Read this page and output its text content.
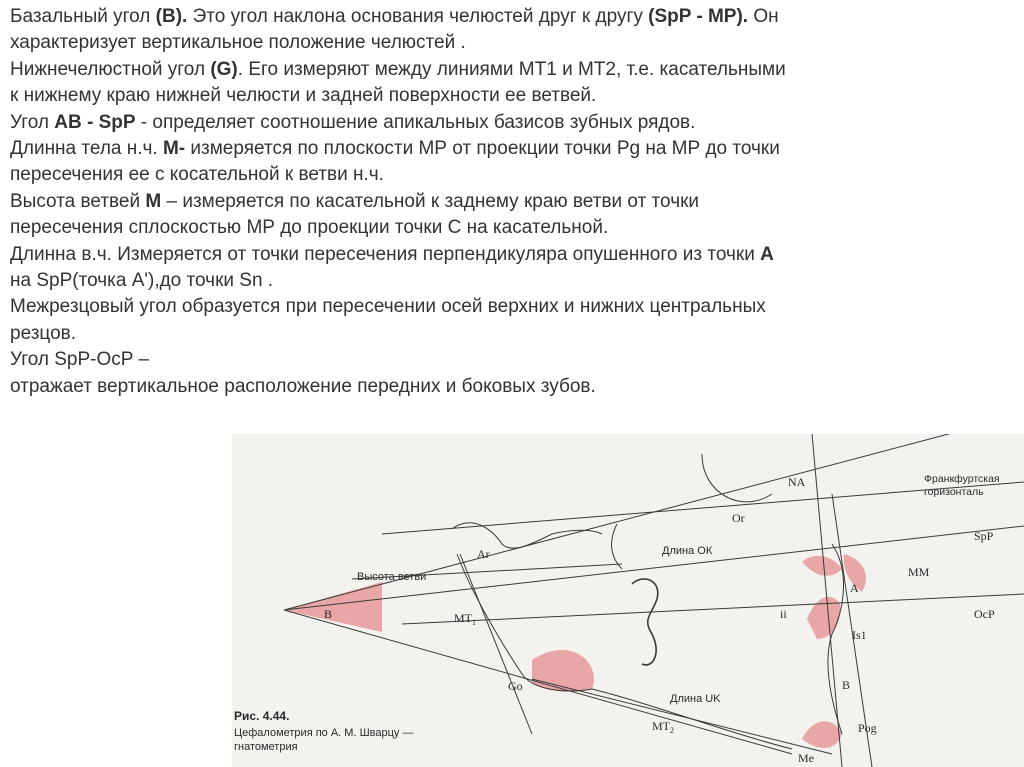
Базальный угол (В). Это угол наклона основания челюстей друг к другу (SpP - MP). Он

характеризует вертикальное положение челюстей .

Нижнечелюстной угол (G). Его измеряют между линиями МТ1 и МТ2, т.е. касательными

к нижнему краю нижней челюсти и задней поверхности ее ветвей.

Угол АВ - SpP - определяет соотношение апикальных базисов зубных рядов.

Длинна тела н.ч. М- измеряется по плоскости МР от проекции точки Pg на МР до точки

пересечения ее с косательной к ветви н.ч.

Высота ветвей М – измеряется по касательной к заднему краю ветви от точки

пересечения сплоскостью МР до проекции точки С на касательной.

Длинна в.ч. Измеряется от точки пересечения перпендикуляра опушенного из точки А

на SpP(точка А'),до точки Sn .

Межрезцовый угол образуется при пересечении осей верхних и нижних центральных

резцов.

Угол SpP-OcP –

отражает вертикальное расположение передних и боковых зубов.

NA	Франкфуртская
горизонталь
Or
SpP
Ar	Длина ОК
Высота ветви	MM
A
B	$MT_1$
ii	OcP
Is1
Go
Длина UK
B
$MT_2$	Pog
Me
Рис. 4.44.
Цефалометрия по А. М. Шварцу —
гнатометрия
